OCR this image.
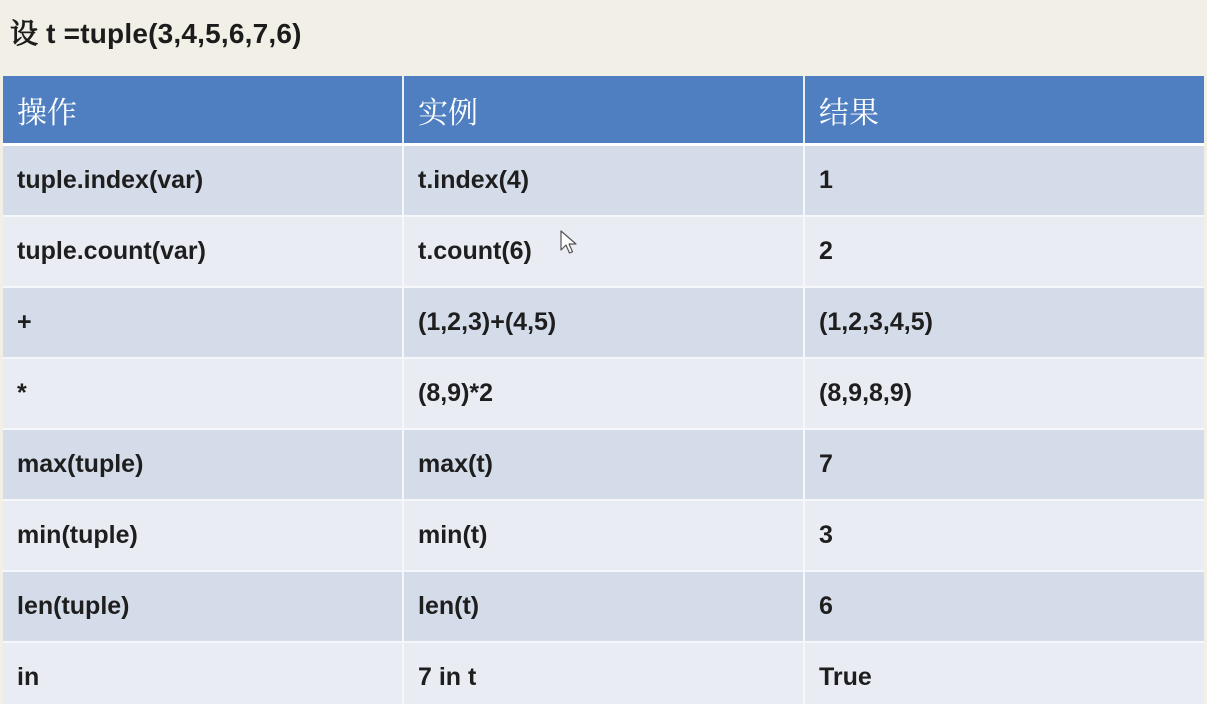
设 t =tuple(3,4,5,6,7,6)
操作	实例	结果
tuple.index(var)	t.index(4)	1
tuple.count(var)	t.count(6)	2
+	(1,2,3)+(4,5)	(1,2,3,4,5)
*	(8,9)*2	(8,9,8,9)
max(tuple)	max(t)	7
min(tuple)	min(t)	3
len(tuple)	len(t)	6
in	7 in t	True
